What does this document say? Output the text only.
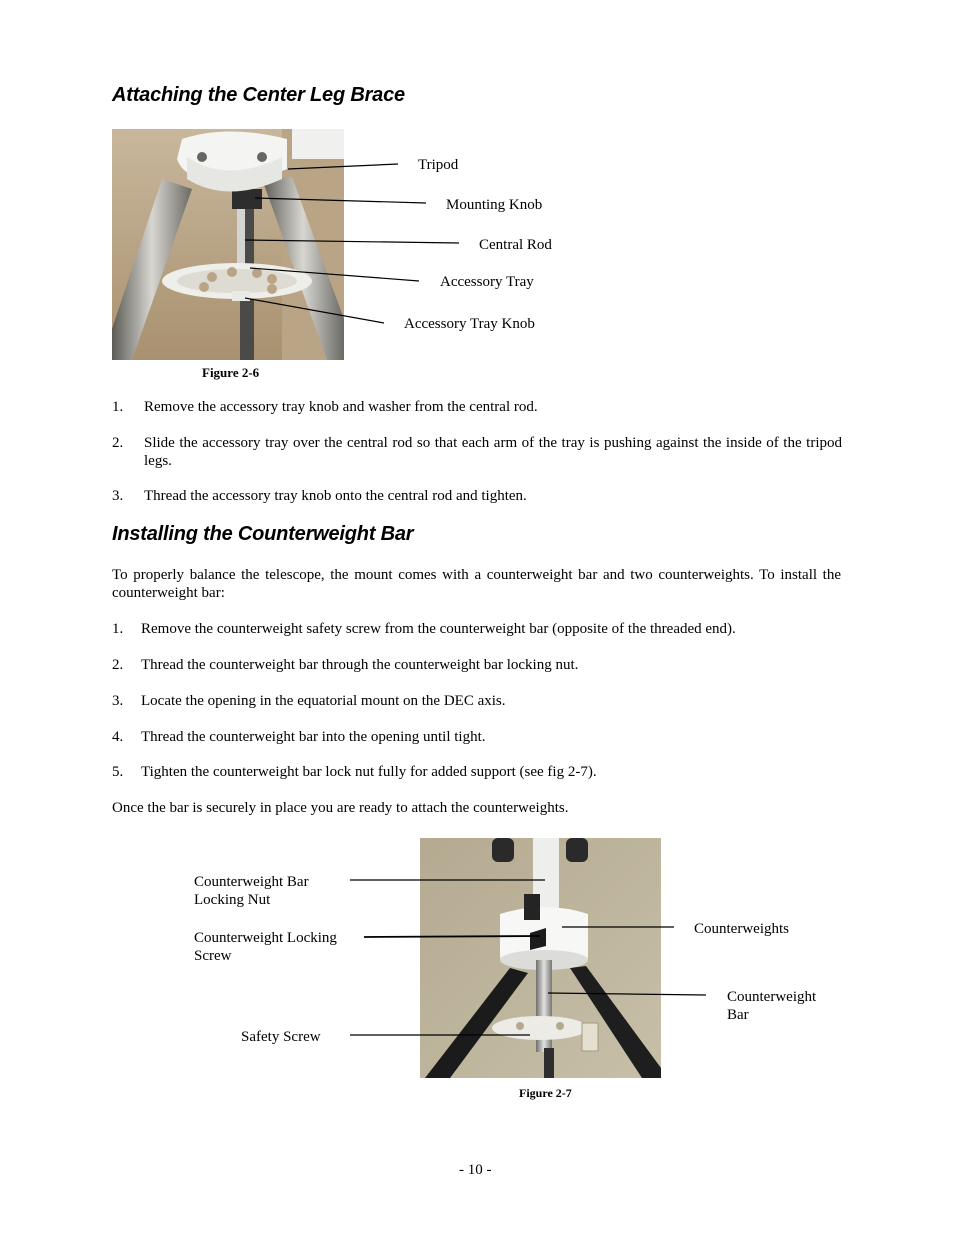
Attaching the Center Leg Brace
Tripod
Mounting Knob
Central Rod
Accessory Tray
Accessory Tray Knob
Figure 2-6
1. Remove the accessory tray knob and washer from the central rod.
2. Slide the accessory tray over the central rod so that each arm of the tray is pushing against the inside of the tripod legs.
3. Thread the accessory tray knob onto the central rod and tighten.
Installing the Counterweight Bar
To properly balance the telescope, the mount comes with a counterweight bar and two counterweights. To install the counterweight bar:
1. Remove the counterweight safety screw from the counterweight bar (opposite of the threaded end).
2. Thread the counterweight bar through the counterweight bar locking nut.
3. Locate the opening in the equatorial mount on the DEC axis.
4. Thread the counterweight bar into the opening until tight.
5. Tighten the counterweight bar lock nut fully for added support (see fig 2-7).
Once the bar is securely in place you are ready to attach the counterweights.
Counterweight Bar
Locking Nut
Counterweight Locking
Screw
Safety Screw
Counterweights
Counterweight
Bar
Figure 2-7
- 10 -
